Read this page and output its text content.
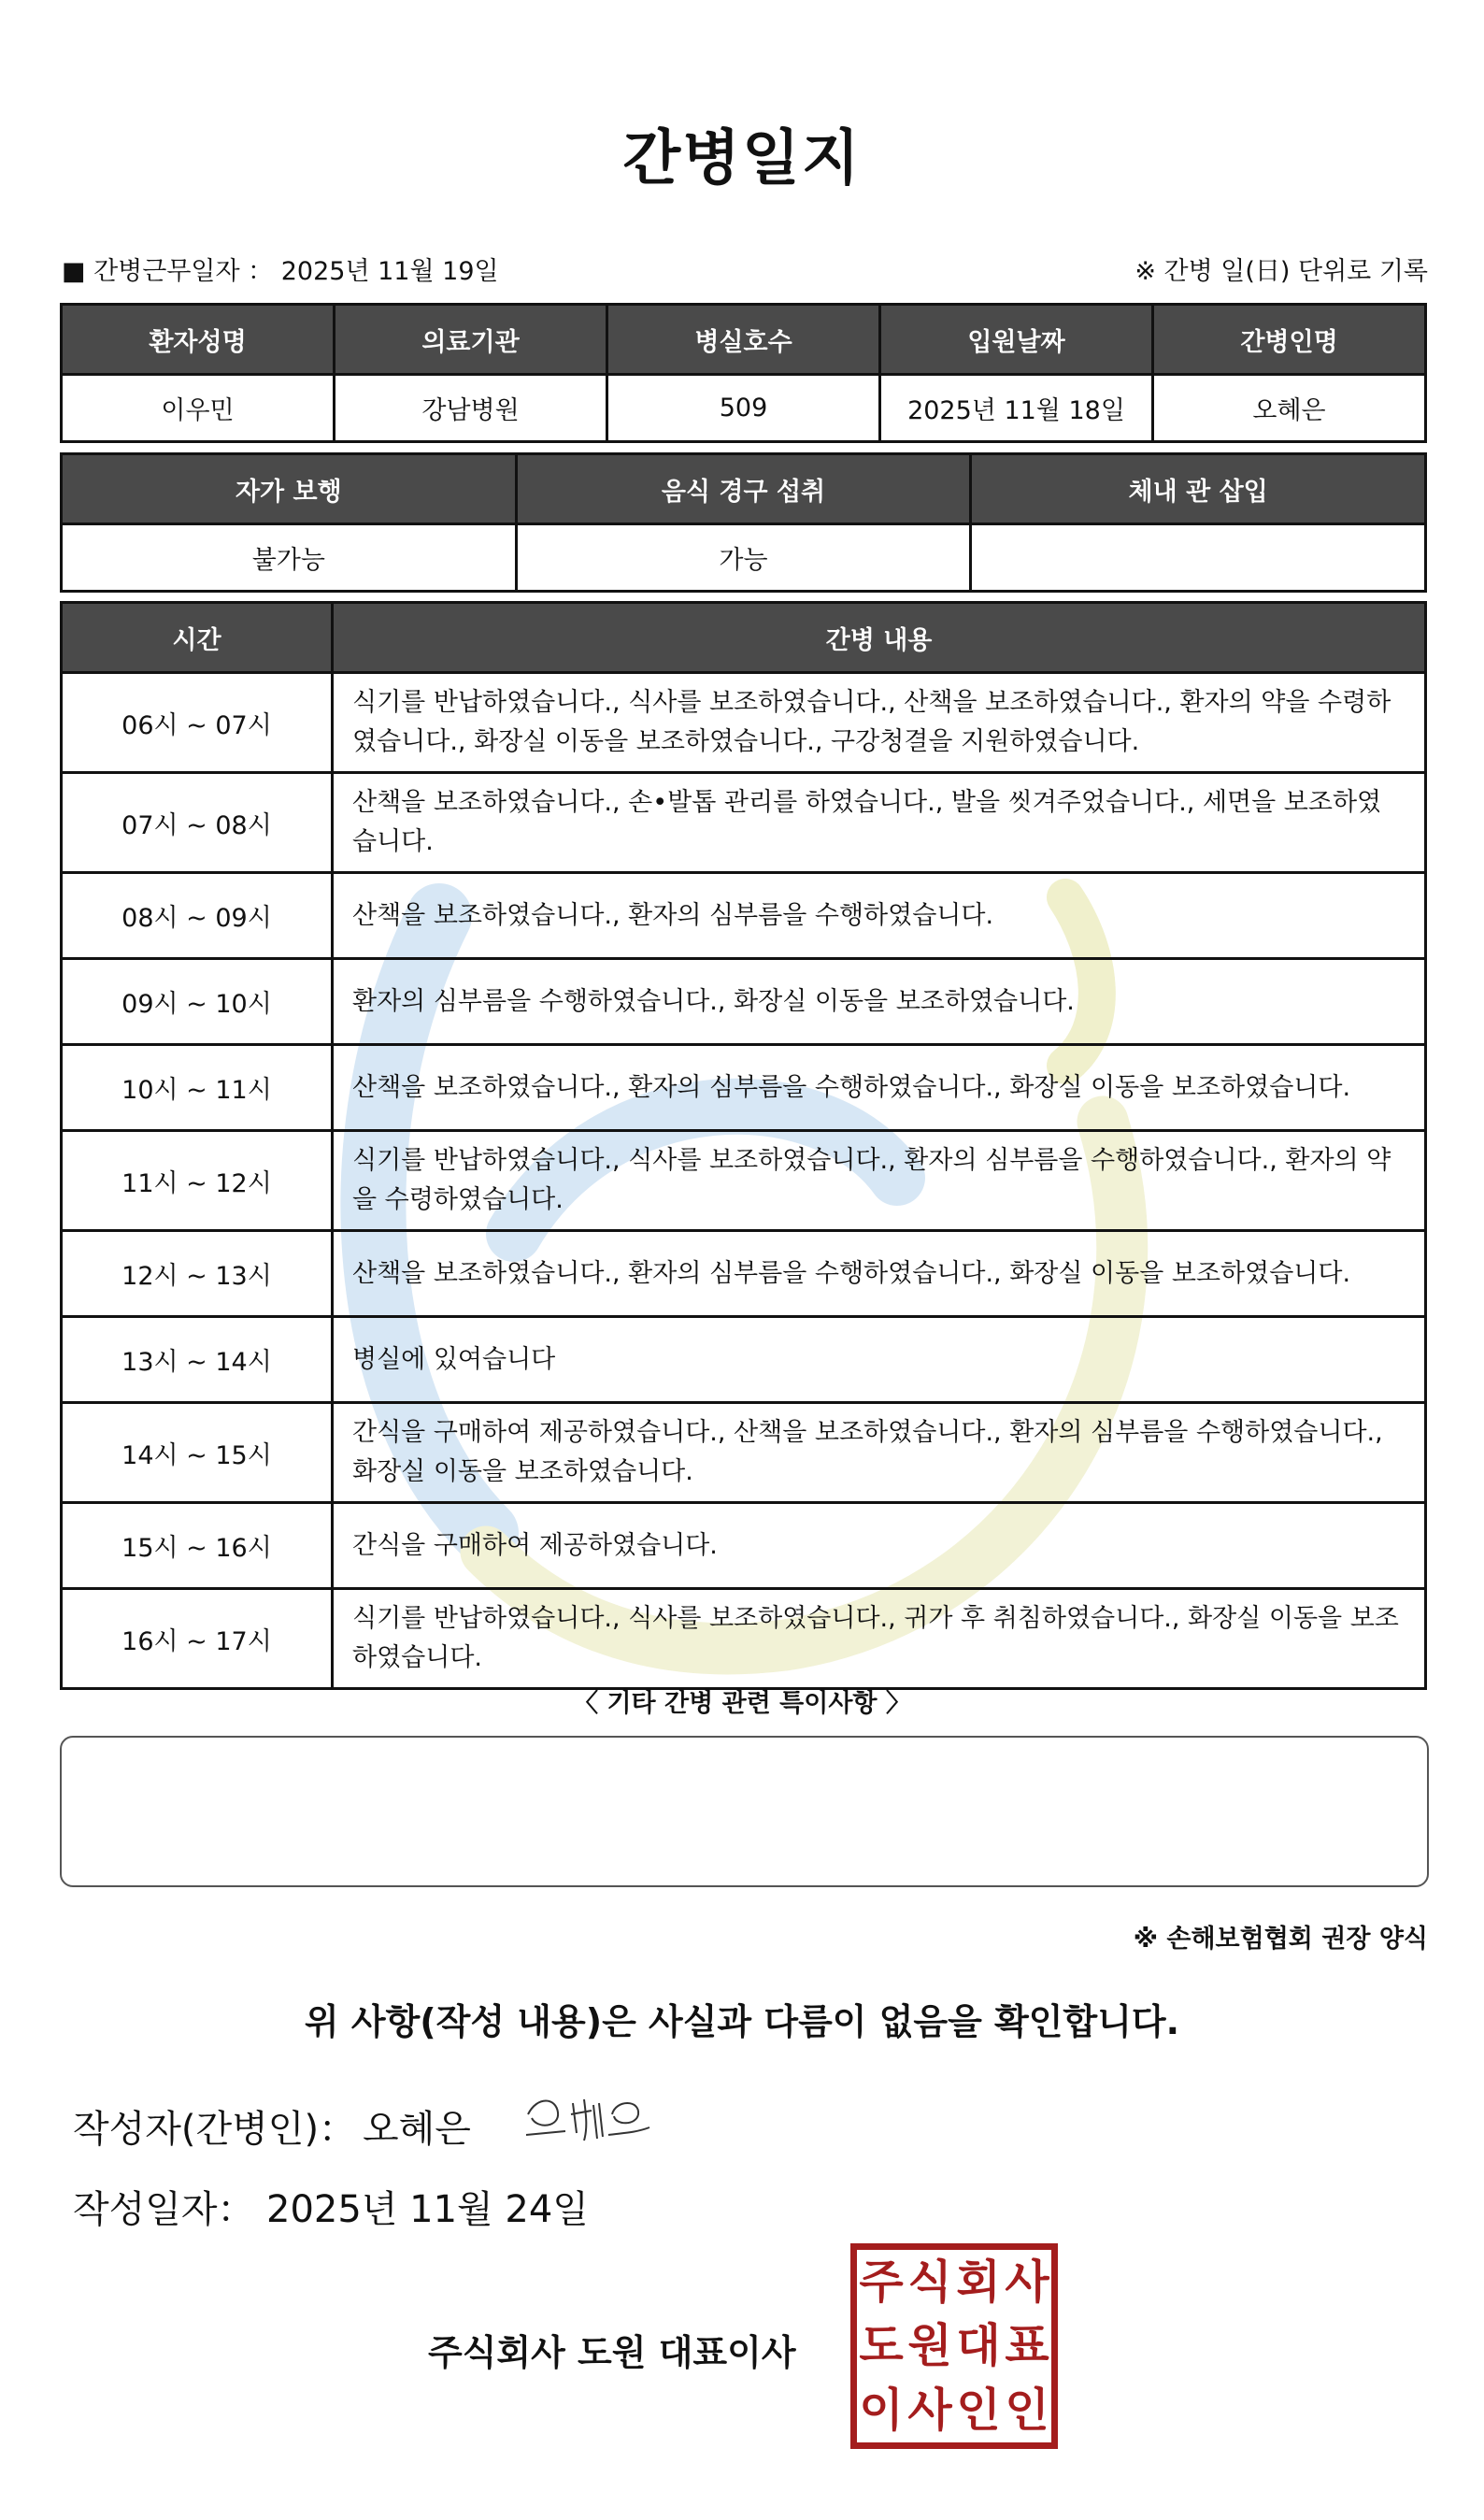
간병일지
■ 간병근무일자 ： 2025년 11월 19일	※ 간병 일(日) 단위로 기록
환자성명	의료기관	병실호수	입원날짜	간병인명
이우민	강남병원	509	2025년 11월 18일	오혜은
자가 보행	음식 경구 섭취	체내 관 삽입
불가능	가능	
시간	간병 내용
06시 ~ 07시	식기를 반납하였습니다., 식사를 보조하였습니다., 산책을 보조하였습니다., 환자의 약을 수령하였습니다., 화장실 이동을 보조하였습니다., 구강청결을 지원하였습니다.
07시 ~ 08시	산책을 보조하였습니다., 손•발톱 관리를 하였습니다., 발을 씻겨주었습니다., 세면을 보조하였습니다.
08시 ~ 09시	산책을 보조하였습니다., 환자의 심부름을 수행하였습니다.
09시 ~ 10시	환자의 심부름을 수행하였습니다., 화장실 이동을 보조하였습니다.
10시 ~ 11시	산책을 보조하였습니다., 환자의 심부름을 수행하였습니다., 화장실 이동을 보조하였습니다.
11시 ~ 12시	식기를 반납하였습니다., 식사를 보조하였습니다., 환자의 심부름을 수행하였습니다., 환자의 약을 수령하였습니다.
12시 ~ 13시	산책을 보조하였습니다., 환자의 심부름을 수행하였습니다., 화장실 이동을 보조하였습니다.
13시 ~ 14시	병실에 있여습니다
14시 ~ 15시	간식을 구매하여 제공하였습니다., 산책을 보조하였습니다., 환자의 심부름을 수행하였습니다., 화장실 이동을 보조하였습니다.
15시 ~ 16시	간식을 구매하여 제공하였습니다.
16시 ~ 17시	식기를 반납하였습니다., 식사를 보조하였습니다., 귀가 후 취침하였습니다., 화장실 이동을 보조하였습니다.
〈 기타 간병 관련 특이사항 〉
※ 손해보험협회 권장 양식
위 사항(작성 내용)은 사실과 다름이 없음을 확인합니다.
작성자(간병인)： 오혜은
작성일자： 2025년 11월 24일
주식회사 도원 대표이사
주 식 회 사
도 원 대 표
이 사 인 인
